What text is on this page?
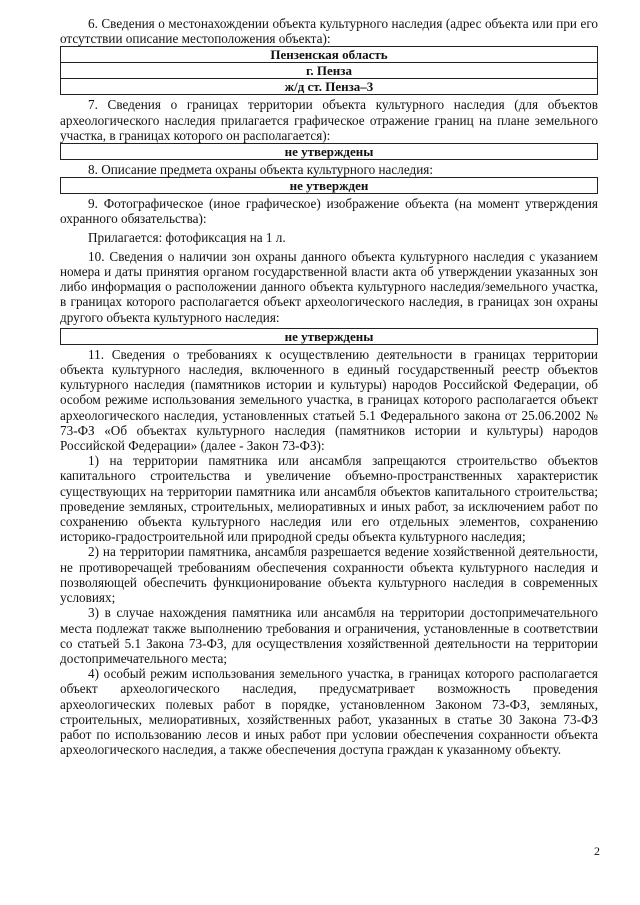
6. Сведения о местонахождении объекта культурного наследия (адрес объекта или при его отсутствии описание местоположения объекта):

Пензенская область
г. Пенза
ж/д ст. Пенза–3

7. Сведения о границах территории объекта культурного наследия (для объектов археологического наследия прилагается графическое отражение границ на плане земельного участка, в границах которого он располагается):

не утверждены

8. Описание предмета охраны объекта культурного наследия:

не утвержден

9. Фотографическое (иное графическое) изображение объекта (на момент утверждения охранного обязательства):

Прилагается: фотофиксация на 1 л.

10. Сведения о наличии зон охраны данного объекта культурного наследия с указанием номера и даты принятия органом государственной власти акта об утверждении указанных зон либо информация о расположении данного объекта культурного наследия/земельного участка, в границах которого располагается объект археологического наследия, в границах зон охраны другого объекта культурного наследия:

не утверждены

11. Сведения о требованиях к осуществлению деятельности в границах территории объекта культурного наследия, включенного в единый государственный реестр объектов культурного наследия (памятников истории и культуры) народов Российской Федерации, об особом режиме использования земельного участка, в границах которого располагается объект археологического наследия, установленных статьей 5.1 Федерального закона от 25.06.2002 № 73-ФЗ «Об объектах культурного наследия (памятников истории и культуры) народов Российской Федерации» (далее - Закон 73-ФЗ):

1) на территории памятника или ансамбля запрещаются строительство объектов капитального строительства и увеличение объемно-пространственных характеристик существующих на территории памятника или ансамбля объектов капитального строительства; проведение земляных, строительных, мелиоративных и иных работ, за исключением работ по сохранению объекта культурного наследия или его отдельных элементов, сохранению историко-градостроительной или природной среды объекта культурного наследия;

2) на территории памятника, ансамбля разрешается ведение хозяйственной деятельности, не противоречащей требованиям обеспечения сохранности объекта культурного наследия и позволяющей обеспечить функционирование объекта культурного наследия в современных условиях;

3) в случае нахождения памятника или ансамбля на территории достопримечательного места подлежат также выполнению требования и ограничения, установленные в соответствии со статьей 5.1 Закона 73-ФЗ, для осуществления хозяйственной деятельности на территории достопримечательного места;

4) особый режим использования земельного участка, в границах которого располагается объект археологического наследия, предусматривает возможность проведения археологических полевых работ в порядке, установленном Законом 73-ФЗ, земляных, строительных, мелиоративных, хозяйственных работ, указанных в статье 30 Закона 73-ФЗ работ по использованию лесов и иных работ при условии обеспечения сохранности объекта археологического наследия, а также обеспечения доступа граждан к указанному объекту.

2
